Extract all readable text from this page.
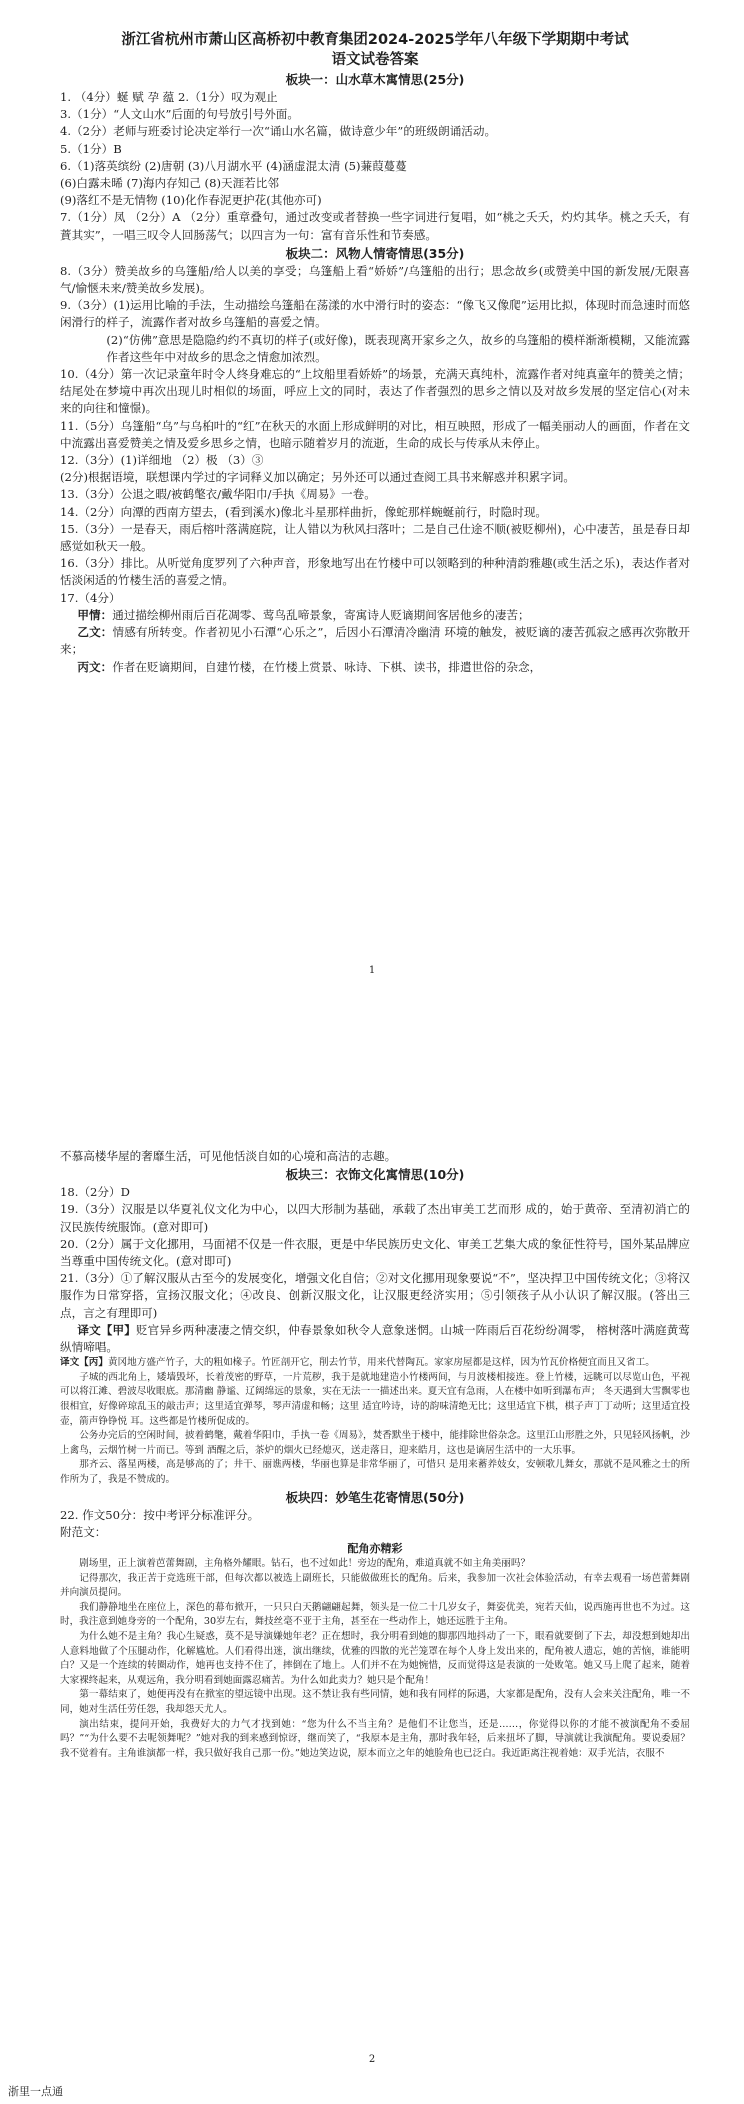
浙江省杭州市萧山区高桥初中教育集团2024-2025学年八年级下学期期中考试

语文试卷答案

板块一：山水草木寓情思(25分)

1. （4分）蜒 赋 孕 蕴 2.（1分）叹为观止

3.（1分）“人文山水”后面的句号放引号外面。

4.（2分）老师与班委讨论决定举行一次“诵山水名篇，做诗意少年”的班级朗诵活动。

5.（1分）B

6.（1)落英缤纷 (2)唐朝 (3)八月湖水平 (4)涵虚混太清 (5)蒹葭蔓蔓

(6)白露未晞 (7)海内存知己 (8)天涯若比邻

(9)落红不是无情物 (10)化作春泥更护花(其他亦可)

7.（1分）凤 （2分）A （2分）重章叠句，通过改变或者替换一些字词进行复唱，如“桃之夭夭，灼灼其华。桃之夭夭，有蕡其实”，一唱三叹令人回肠荡气；以四言为一句：富有音乐性和节奏感。

板块二：风物人情寄情思(35分)

8.（3分）赞美故乡的乌篷船/给人以美的享受；乌篷船上看“娇娇”/乌篷船的出行；思念故乡(或赞美中国的新发展/无限喜气/愉惬未来/赞美故乡发展)。

9.（3分）(1)运用比喻的手法，生动描绘乌篷船在荡漾的水中滑行时的姿态：“像飞又像爬”运用比拟，体现时而急速时而悠闲滑行的样子，流露作者对故乡乌篷船的喜爱之情。

(2)“仿佛”意思是隐隐约约不真切的样子(或好像)，既表现离开家乡之久，故乡的乌篷船的模样渐渐模糊，又能流露作者这些年中对故乡的思念之情愈加浓烈。

10.（4分）第一次记录童年时令人终身难忘的“上坟船里看娇娇”的场景，充满天真纯朴，流露作者对纯真童年的赞美之情；结尾处在梦境中再次出现儿时相似的场面，呼应上文的同时，表达了作者强烈的思乡之情以及对故乡发展的坚定信心(对未来的向往和憧憬)。

11.（5分）乌篷船“乌”与乌桕叶的“红”在秋天的水面上形成鲜明的对比，相互映照，形成了一幅美丽动人的画面，作者在文中流露出喜爱赞美之情及爱乡思乡之情，也暗示随着岁月的流逝，生命的成长与传承从未停止。

12.（3分）(1)详细地 （2）极 （3）③

(2分)根据语境，联想课内学过的字词释义加以确定；另外还可以通过查阅工具书来解惑并积累字词。

13.（3分）公退之暇/被鹤氅衣/戴华阳巾/手执《周易》一卷。

14.（2分）向潭的西南方望去，(看到溪水)像北斗星那样曲折，像蛇那样蜿蜒前行，时隐时现。

15.（3分）一是春天，雨后榕叶落满庭院，让人错以为秋风扫落叶；二是自己仕途不顺(被贬柳州)，心中凄苦，虽是春日却感觉如秋天一般。

16.（3分）排比。从听觉角度罗列了六种声音，形象地写出在竹楼中可以领略到的种种清韵雅趣(或生活之乐)，表达作者对恬淡闲适的竹楼生活的喜爱之情。

17.（4分）

甲情：通过描绘柳州雨后百花凋零、莺鸟乱啼景象，寄寓诗人贬谪期间客居他乡的凄苦；

乙文：情感有所转变。作者初见小石潭“心乐之”，后因小石潭清冷幽清 环境的触发，被贬谪的凄苦孤寂之感再次弥散开来；

丙文：作者在贬谪期间，自建竹楼，在竹楼上赏景、咏诗、下棋、读书，排遣世俗的杂念，

1

不慕高楼华屋的奢靡生活，可见他恬淡自如的心境和高洁的志趣。

板块三：衣饰文化寓情思(10分)

18.（2分）D

19.（3分）汉服是以华夏礼仪文化为中心，以四大形制为基础，承载了杰出审美工艺而形 成的，始于黄帝、至清初消亡的汉民族传统服饰。(意对即可)

20.（2分）属于文化挪用，马面裙不仅是一件衣服，更是中华民族历史文化、审美工艺集大成的象征性符号，国外某品牌应当尊重中国传统文化。(意对即可)

21.（3分）①了解汉服从古至今的发展变化，增强文化自信；②对文化挪用现象要说“不”，坚决捍卫中国传统文化；③将汉服作为日常穿搭，宣扬汉服文化；④改良、创新汉服文化，让汉服更经济实用；⑤引领孩子从小认识了解汉服。(答出三点，言之有理即可)

译文【甲】贬官异乡两种凄凄之情交织，仲春景象如秋令人意象迷惘。山城一阵雨后百花纷纷凋零， 榕树落叶满庭黄莺纵情啼唱。

译文【丙】黄冈地方盛产竹子，大的粗如椽子。竹匠剖开它，削去竹节，用来代替陶瓦。家家房屋都是这样，因为竹瓦价格便宜而且又省工。

子城的西北角上，矮墙毁坏，长着茂密的野草，一片荒秽，我于是就地建造小竹楼两间，与月波楼相接连。登上竹楼，远眺可以尽览山色，平视可以将江滩、碧波尽收眼底。那清幽 静谧、辽阔绵远的景象，实在无法一一描述出来。夏天宜有急雨，人在楼中如听到瀑布声； 冬天遇到大雪飘零也很相宜，好像碎琼乱玉的敲击声；这里适宜弹琴，琴声清虚和畅；这里 适宜吟诗，诗的韵味清绝无比；这里适宜下棋，棋子声丁丁动听；这里适宜投壶，箭声铮铮悦 耳。这些都是竹楼所促成的。

公务办完后的空闲时间，披着鹤氅，戴着华阳巾，手执一卷《周易》，焚香默坐于楼中，能排除世俗杂念。这里江山形胜之外，只见轻风扬帆，沙上禽鸟，云烟竹树一片而已。等到 酒醒之后，茶炉的烟火已经熄灭，送走落日，迎来皓月，这也是谪居生活中的一大乐事。

那齐云、落星两楼，高是够高的了；井干、丽谯两楼，华丽也算是非常华丽了，可惜只 是用来蓄养妓女，安顿歌儿舞女，那就不是风雅之士的所作所为了，我是不赞成的。

板块四：妙笔生花寄情思(50分)

22. 作文50分：按中考评分标准评分。

附范文：

配角亦精彩

剧场里，正上演着芭蕾舞剧，主角格外耀眼。钻石，也不过如此！旁边的配角，难道真就不如主角美丽吗？

记得那次，我正苦于竞选班干部，但每次都以被选上副班长，只能做做班长的配角。后来，我参加一次社会体验活动，有幸去观看一场芭蕾舞剧并向演员提问。

我们静静地坐在座位上，深色的幕布掀开，一只只白天鹅翩翩起舞，领头是一位二十几岁女子，舞姿优美，宛若天仙，说西施再世也不为过。这时，我注意到她身旁的一个配角，30岁左右，舞技丝毫不亚于主角，甚至在一些动作上，她还远胜于主角。

为什么她不是主角？我心生疑惑，莫不是导演嫌她年老？正在想时，我分明看到她的脚那四地抖动了一下，眼看就要倒了下去，却没想到她却出人意料地做了个压腿动作，化解尴尬。人们看得出迷，演出继续，优雅的四散的光芒笼罩在每个人身上发出来的，配角被人遗忘，她的苦恼，谁能明白？又是一个连续的转圈动作，她再也支持不住了，摔倒在了地上。人们并不在为她惋惜，反而觉得这是表演的一处败笔。她又马上爬了起来，随着大家裸终起来，从观远角，我分明看到她面露忍痛苦。为什么如此卖力？她只是个配角！

第一幕结束了，她便再没有在掀室的望远镜中出现。这不禁让我有些同情，她和我有同样的际遇，大家都是配角，没有人会来关注配角，唯一不同，她对生活任劳任怨，我却怨天尤人。

演出结束，提问开始，我费好大的力气才找到她：“您为什么不当主角？是他们不让您当，还是……，你觉得以你的才能不被演配角不委屈吗？”“为什么要不去呢领舞呢？”她对我的到来感到惊讶，继而笑了，“我原本是主角，那时我年轻，后来扭坏了脚，导演就让我演配角。要说委屈？我不觉着有。主角谁演都一样，我只做好我自己那一份。”她边笑边说，原本而立之年的她脸角也已泛白。我近距离注视着她：双手光洁，衣服不

2
浙里一点通
